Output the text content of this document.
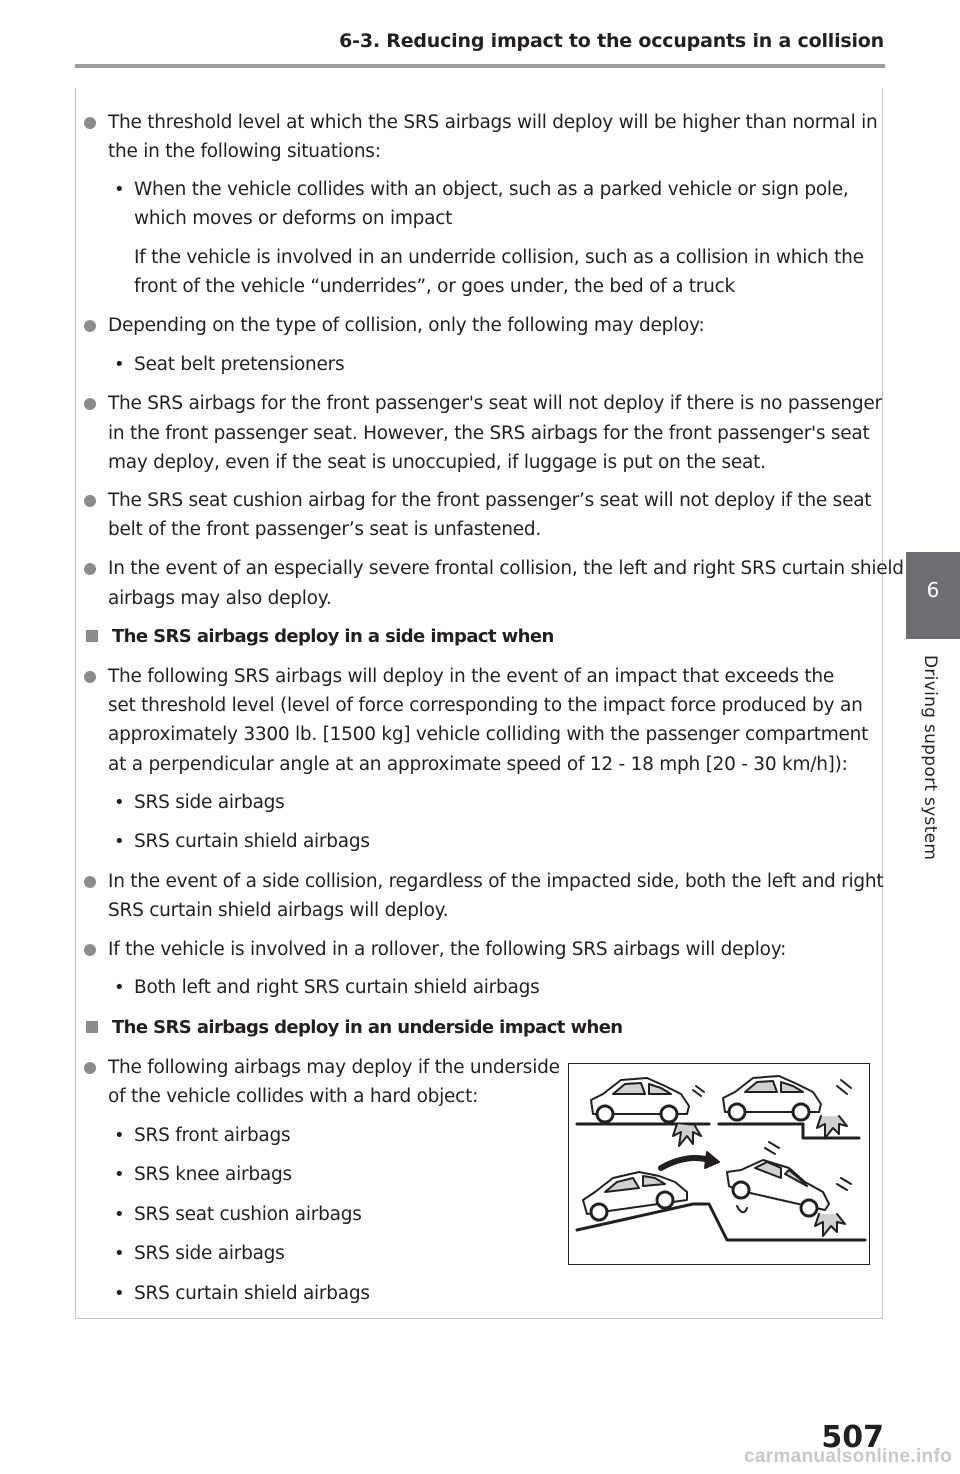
6-3. Reducing impact to the occupants in a collision
6
Driving support system
The threshold level at which the SRS airbags will deploy will be higher than normal in
the in the following situations:
• When the vehicle collides with an object, such as a parked vehicle or sign pole,
which moves or deforms on impact
If the vehicle is involved in an underride collision, such as a collision in which the
front of the vehicle “underrides”, or goes under, the bed of a truck
Depending on the type of collision, only the following may deploy:
• Seat belt pretensioners
The SRS airbags for the front passenger's seat will not deploy if there is no passenger
in the front passenger seat. However, the SRS airbags for the front passenger's seat
may deploy, even if the seat is unoccupied, if luggage is put on the seat.
The SRS seat cushion airbag for the front passenger’s seat will not deploy if the seat
belt of the front passenger’s seat is unfastened.
In the event of an especially severe frontal collision, the left and right SRS curtain shield
airbags may also deploy.
The SRS airbags deploy in a side impact when
The following SRS airbags will deploy in the event of an impact that exceeds the
set threshold level (level of force corresponding to the impact force produced by an
approximately 3300 lb. [1500 kg] vehicle colliding with the passenger compartment
at a perpendicular angle at an approximate speed of 12 - 18 mph [20 - 30 km/h]):
• SRS side airbags
• SRS curtain shield airbags
In the event of a side collision, regardless of the impacted side, both the left and right
SRS curtain shield airbags will deploy.
If the vehicle is involved in a rollover, the following SRS airbags will deploy:
• Both left and right SRS curtain shield airbags
The SRS airbags deploy in an underside impact when
The following airbags may deploy if the underside
of the vehicle collides with a hard object:
• SRS front airbags
• SRS knee airbags
• SRS seat cushion airbags
• SRS side airbags
• SRS curtain shield airbags
507
carmanualsonline.info
